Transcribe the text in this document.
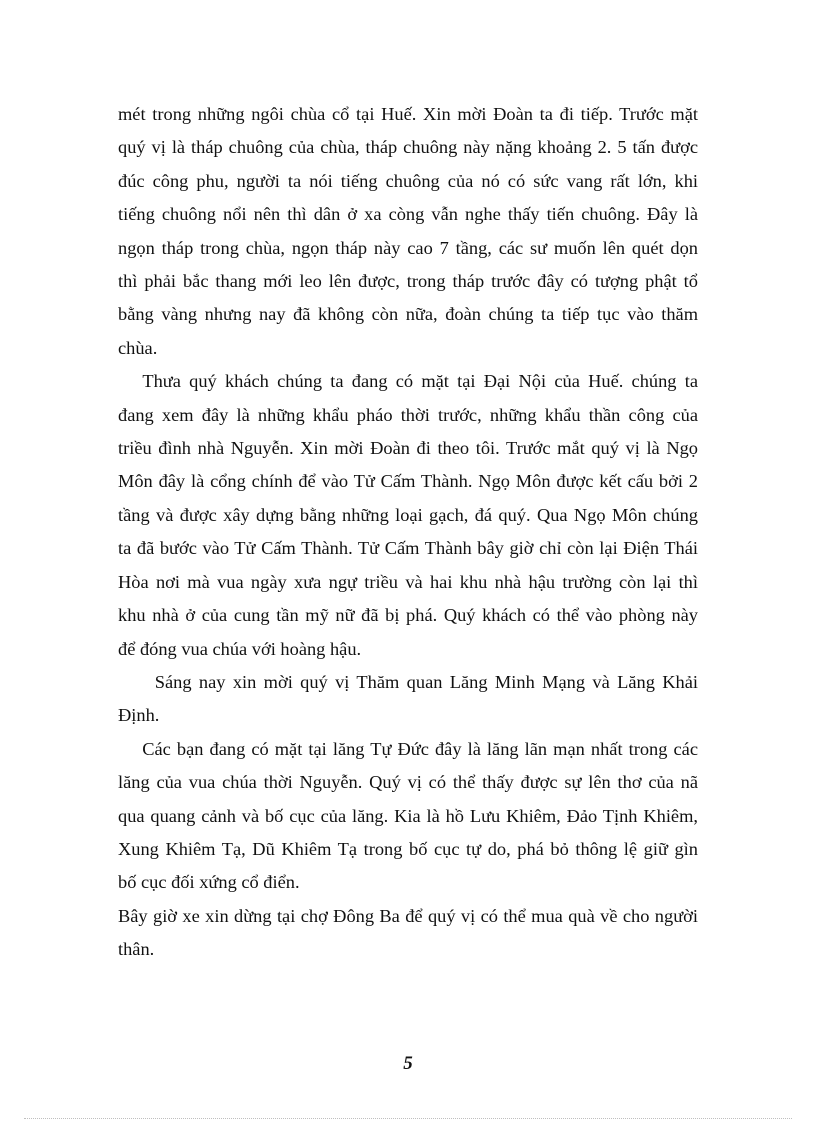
mét trong những ngôi chùa cổ tại Huế. Xin mời Đoàn ta đi tiếp. Trước mặt
quý vị là tháp chuông của chùa, tháp chuông này nặng khoảng 2. 5 tấn được
đúc công phu, người ta nói tiếng chuông của nó có sức vang rất lớn, khi
tiếng chuông nổi nên thì dân ở xa còng vẫn nghe thấy tiến chuông. Đây là
ngọn tháp trong chùa, ngọn tháp này cao 7 tầng, các sư muốn lên quét dọn
thì phải bắc thang mới leo lên được, trong tháp trước đây có tượng phật tổ
bằng vàng nhưng nay đã không còn nữa, đoàn chúng ta tiếp tục vào thăm
chùa.
Thưa quý khách chúng ta đang có mặt tại Đại Nội của Huế. chúng ta
đang xem đây là những khẩu pháo thời trước, những khẩu thần công của
triều đình nhà Nguyễn. Xin mời Đoàn đi theo tôi. Trước mắt quý vị là Ngọ
Môn đây là cổng chính để vào Tử Cấm Thành. Ngọ Môn được kết cấu bởi 2
tầng và được xây dựng bằng những loại gạch, đá quý. Qua Ngọ Môn chúng
ta đã bước vào Tử Cấm Thành. Tử Cấm Thành bây giờ chỉ còn lại Điện Thái
Hòa nơi mà vua ngày xưa ngự triều và hai khu nhà hậu trường còn lại thì
khu nhà ở của cung tần mỹ nữ đã bị phá. Quý khách có thể vào phòng này
để đóng vua chúa với hoàng hậu.
Sáng nay xin mời quý vị Thăm quan Lăng Minh Mạng và Lăng Khải
Định.
Các bạn đang có mặt tại lăng Tự Đức đây là lăng lãn mạn nhất trong các
lăng của vua chúa thời Nguyễn. Quý vị có thể thấy được sự lên thơ của nã
qua quang cảnh và bố cục của lăng. Kia là hồ Lưu Khiêm, Đảo Tịnh Khiêm,
Xung Khiêm Tạ, Dũ Khiêm Tạ trong bố cục tự do, phá bỏ thông lệ giữ gìn
bố cục đối xứng cổ điển.
Bây giờ xe xin dừng tại chợ Đông Ba để quý vị có thể mua quà về cho người
thân.
5
